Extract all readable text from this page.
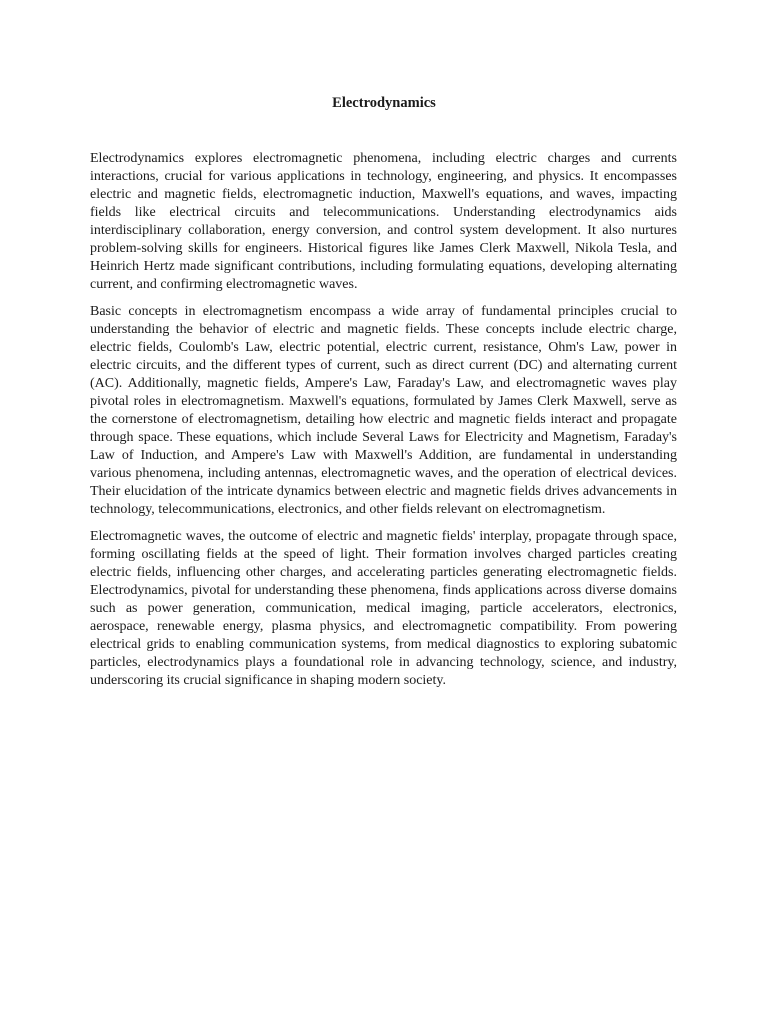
Electrodynamics

Electrodynamics explores electromagnetic phenomena, including electric charges and currents interactions, crucial for various applications in technology, engineering, and physics. It encompasses electric and magnetic fields, electromagnetic induction, Maxwell's equations, and waves, impacting fields like electrical circuits and telecommunications. Understanding electrodynamics aids interdisciplinary collaboration, energy conversion, and control system development. It also nurtures problem-solving skills for engineers. Historical figures like James Clerk Maxwell, Nikola Tesla, and Heinrich Hertz made significant contributions, including formulating equations, developing alternating current, and confirming electromagnetic waves.

Basic concepts in electromagnetism encompass a wide array of fundamental principles crucial to understanding the behavior of electric and magnetic fields. These concepts include electric charge, electric fields, Coulomb's Law, electric potential, electric current, resistance, Ohm's Law, power in electric circuits, and the different types of current, such as direct current (DC) and alternating current (AC). Additionally, magnetic fields, Ampere's Law, Faraday's Law, and electromagnetic waves play pivotal roles in electromagnetism. Maxwell's equations, formulated by James Clerk Maxwell, serve as the cornerstone of electromagnetism, detailing how electric and magnetic fields interact and propagate through space. These equations, which include Several Laws for Electricity and Magnetism, Faraday's Law of Induction, and Ampere's Law with Maxwell's Addition, are fundamental in understanding various phenomena, including antennas, electromagnetic waves, and the operation of electrical devices. Their elucidation of the intricate dynamics between electric and magnetic fields drives advancements in technology, telecommunications, electronics, and other fields relevant on electromagnetism.

Electromagnetic waves, the outcome of electric and magnetic fields' interplay, propagate through space, forming oscillating fields at the speed of light. Their formation involves charged particles creating electric fields, influencing other charges, and accelerating particles generating electromagnetic fields. Electrodynamics, pivotal for understanding these phenomena, finds applications across diverse domains such as power generation, communication, medical imaging, particle accelerators, electronics, aerospace, renewable energy, plasma physics, and electromagnetic compatibility. From powering electrical grids to enabling communication systems, from medical diagnostics to exploring subatomic particles, electrodynamics plays a foundational role in advancing technology, science, and industry, underscoring its crucial significance in shaping modern society.
